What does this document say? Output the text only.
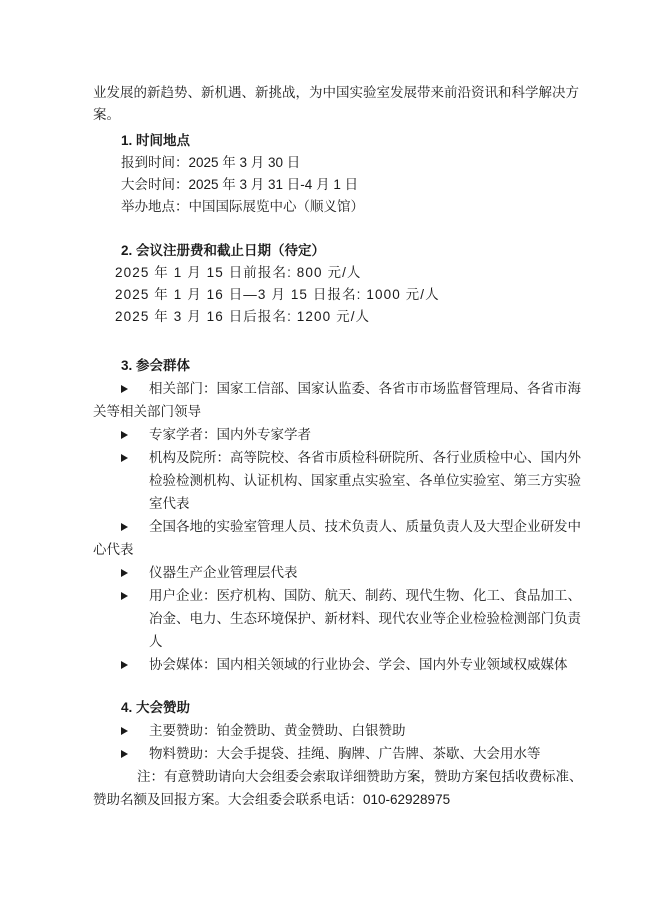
业发展的新趋势、新机遇、新挑战，为中国实验室发展带来前沿资讯和科学解决方
案。
1. 时间地点
报到时间：2025 年 3 月 30 日
大会时间：2025 年 3 月 31 日-4 月 1 日
举办地点：中国国际展览中心（顺义馆）
2. 会议注册费和截止日期（待定）
2025 年 1 月 15 日前报名: 800 元/人
2025 年 1 月 16 日—3 月 15 日报名: 1000 元/人
2025 年 3 月 16 日后报名: 1200 元/人
3. 参会群体
相关部门：国家工信部、国家认监委、各省市市场监督管理局、各省市海
关等相关部门领导
专家学者：国内外专家学者
机构及院所：高等院校、各省市质检科研院所、各行业质检中心、国内外
检验检测机构、认证机构、国家重点实验室、各单位实验室、第三方实验
室代表
全国各地的实验室管理人员、技术负责人、质量负责人及大型企业研发中
心代表
仪器生产企业管理层代表
用户企业：医疗机构、国防、航天、制药、现代生物、化工、食品加工、
冶金、电力、生态环境保护、新材料、现代农业等企业检验检测部门负责
人
协会媒体：国内相关领域的行业协会、学会、国内外专业领域权威媒体
4. 大会赞助
主要赞助：铂金赞助、黄金赞助、白银赞助
物料赞助：大会手提袋、挂绳、胸牌、广告牌、茶歇、大会用水等
注：有意赞助请向大会组委会索取详细赞助方案，赞助方案包括收费标准、
赞助名额及回报方案。大会组委会联系电话：010-62928975
